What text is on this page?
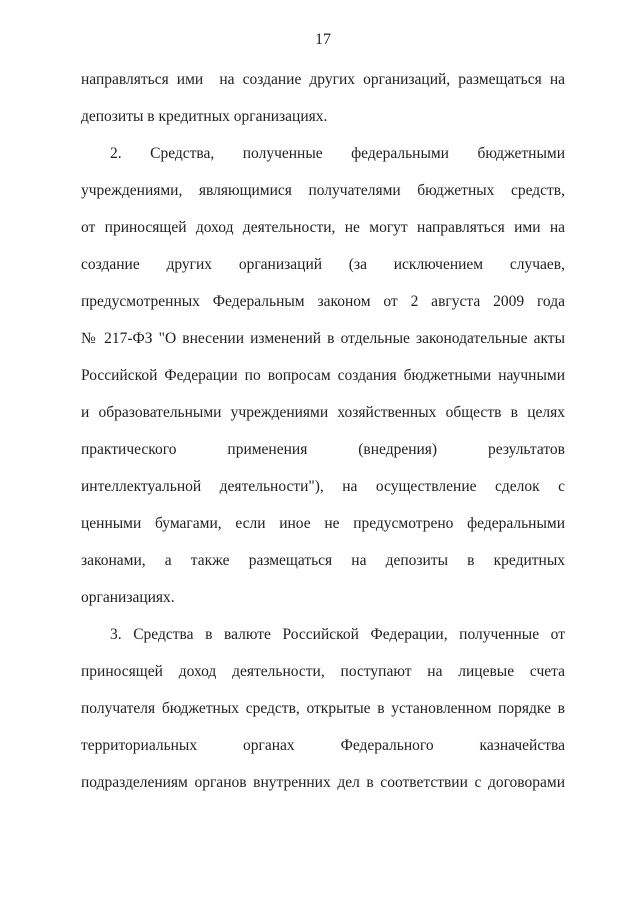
17
направляться ими  на создание других организаций, размещаться на
депозиты в кредитных организациях.
2. Средства, полученные федеральными бюджетными
учреждениями, являющимися получателями бюджетных средств,
от приносящей доход деятельности, не могут направляться ими на
создание других организаций (за исключением случаев,
предусмотренных Федеральным законом от 2 августа 2009 года
№ 217-ФЗ "О внесении изменений в отдельные законодательные акты
Российской Федерации по вопросам создания бюджетными научными
и образовательными учреждениями хозяйственных обществ в целях
практического применения (внедрения) результатов
интеллектуальной деятельности"), на осуществление сделок с
ценными бумагами, если иное не предусмотрено федеральными
законами, а также размещаться на депозиты в кредитных
организациях.
3. Средства в валюте Российской Федерации, полученные от
приносящей доход деятельности, поступают на лицевые счета
получателя бюджетных средств, открытые в установленном порядке в
территориальных органах Федерального казначейства
подразделениям органов внутренних дел в соответствии с договорами
